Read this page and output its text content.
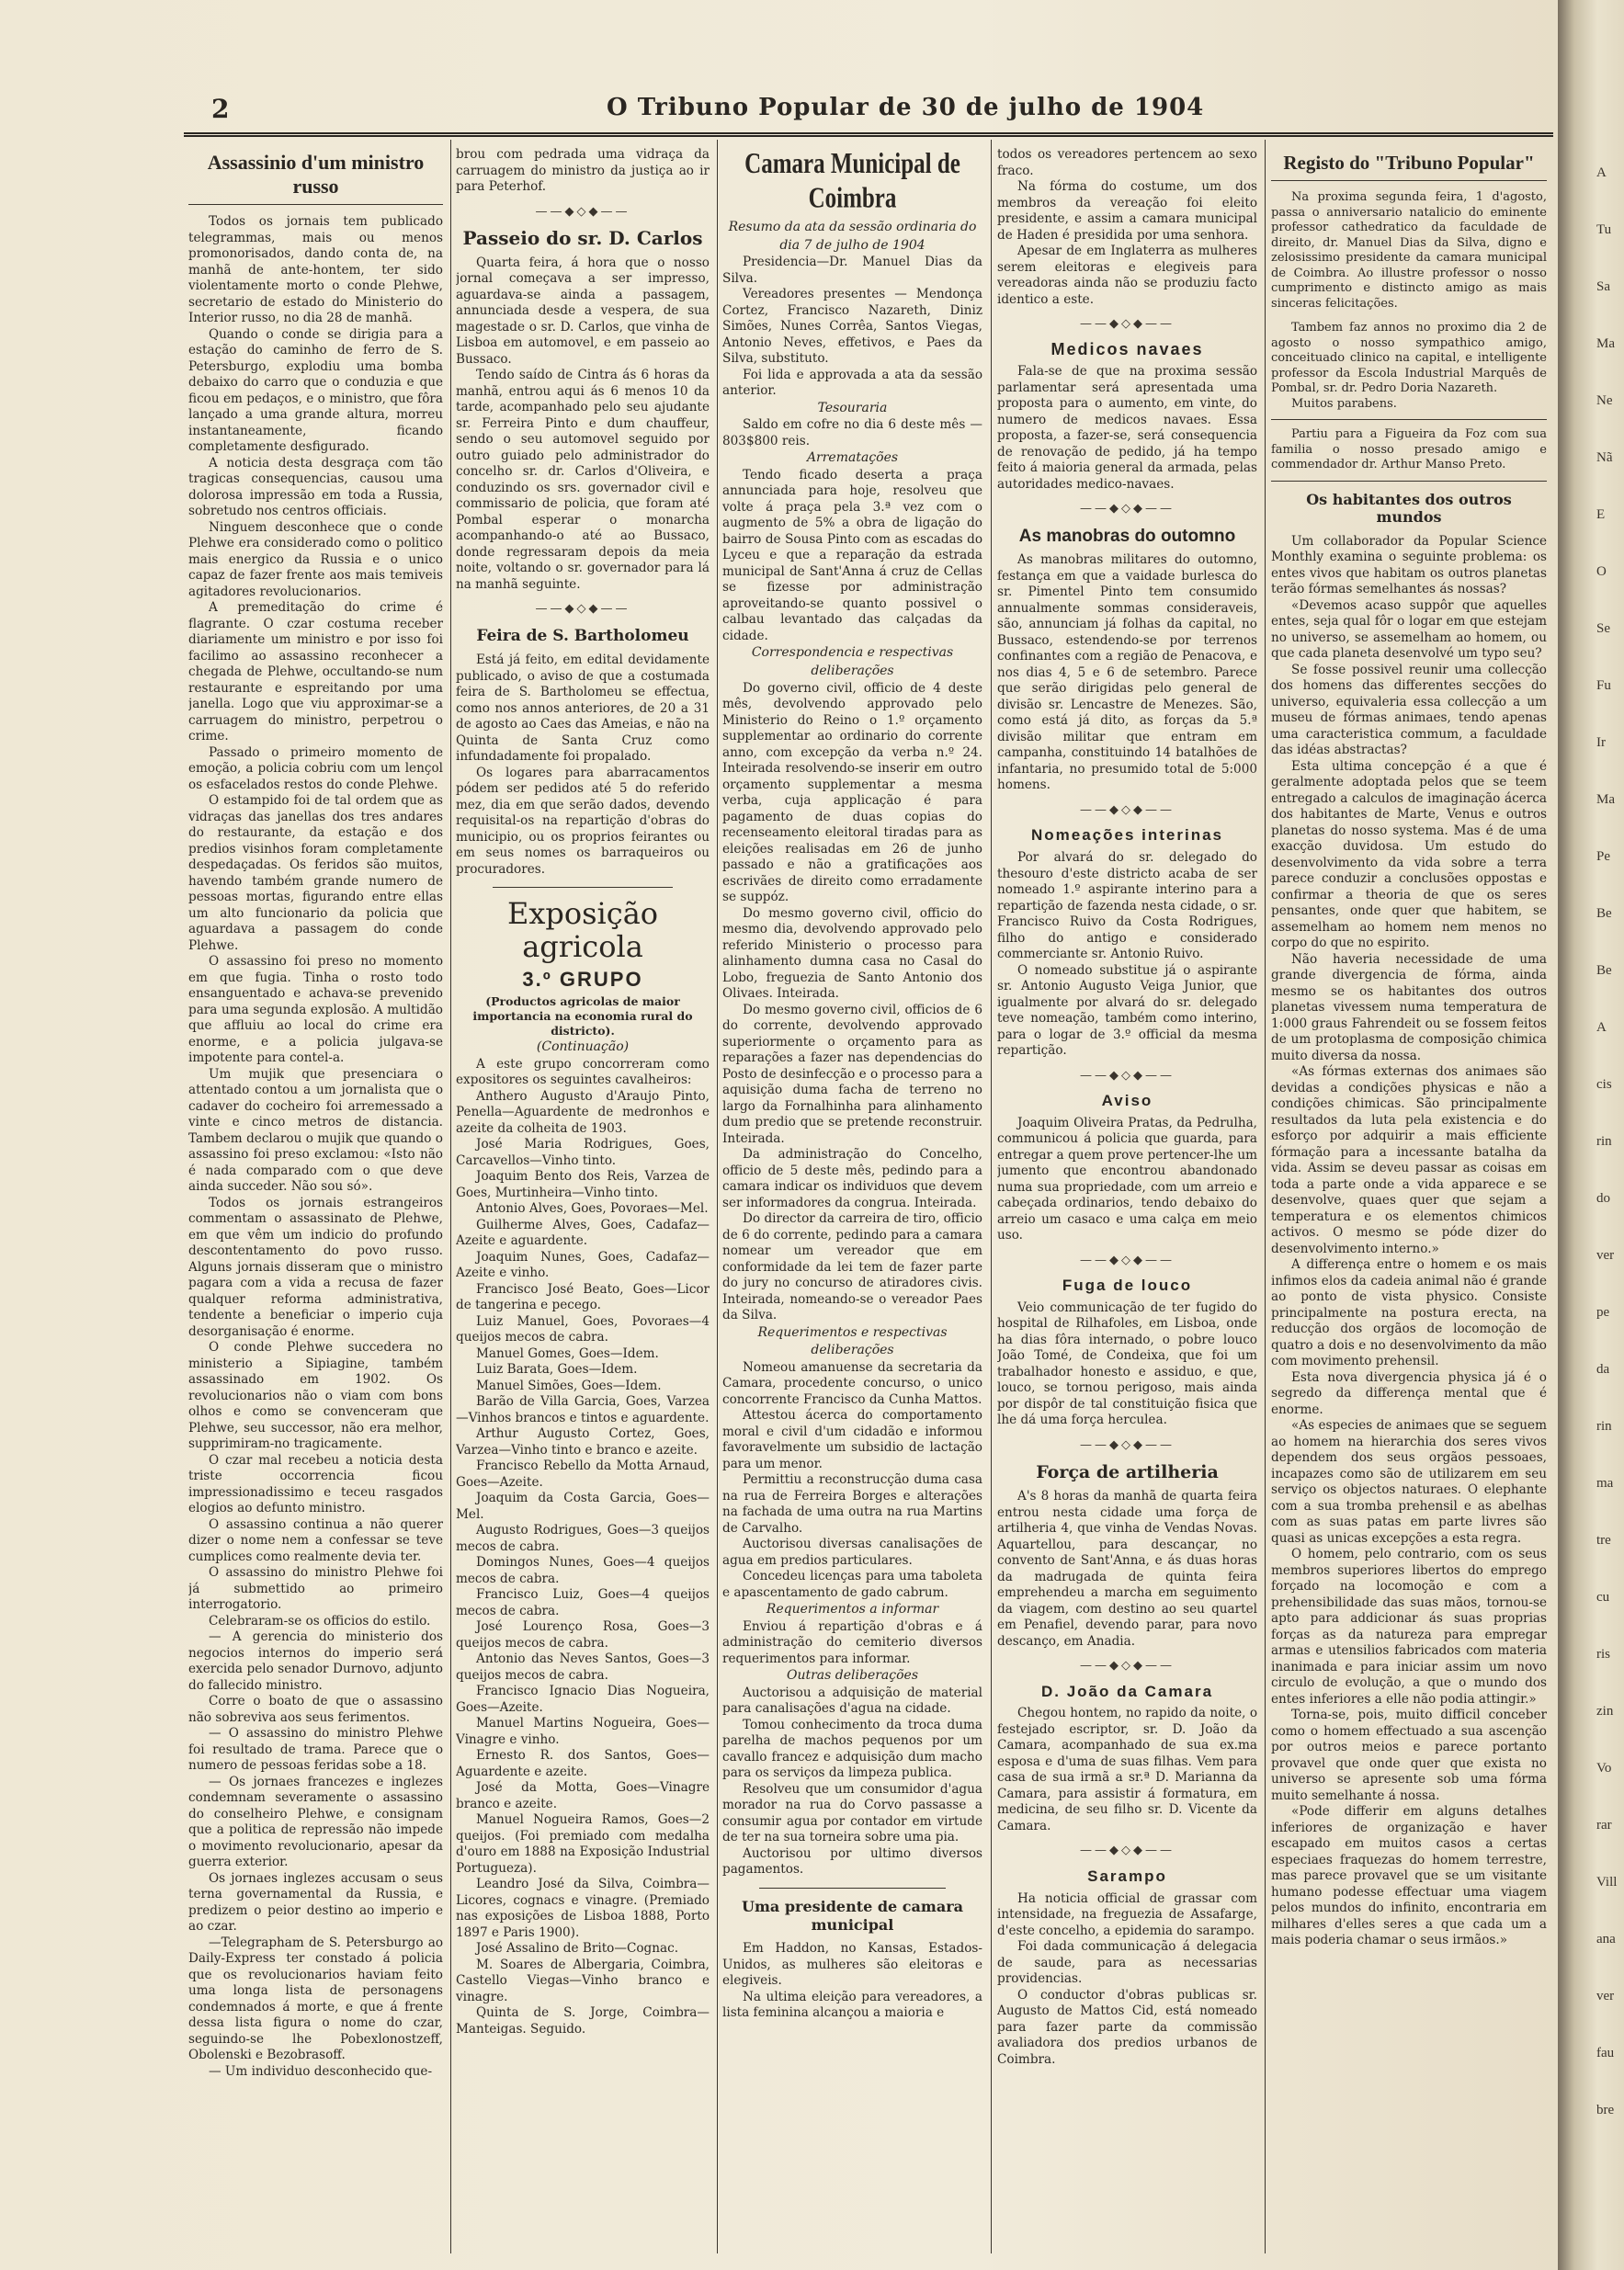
2	O Tribuno Popular de 30 de julho de 1904
Assassinio d'um ministro russo

Todos os jornais tem publicado telegrammas, mais ou menos promonorisados, dando conta de, na manhã de ante-hontem, ter sido violentamente morto o conde Plehwe, secretario de estado do Ministerio do Interior russo, no dia 28 de manhã.

Quando o conde se dirigia para a estação do caminho de ferro de S. Petersburgo, explodiu uma bomba debaixo do carro que o conduzia e que ficou em pedaços, e o ministro, que fôra lançado a uma grande altura, morreu instantaneamente, ficando completamente desfigurado.

A noticia desta desgraça com tão tragicas consequencias, causou uma dolorosa impressão em toda a Russia, sobretudo nos centros officiais.

Ninguem desconhece que o conde Plehwe era considerado como o politico mais energico da Russia e o unico capaz de fazer frente aos mais temiveis agitadores revolucionarios.

A premeditação do crime é flagrante. O czar costuma receber diariamente um ministro e por isso foi facilimo ao assassino reconhecer a chegada de Plehwe, occultando-se num restaurante e espreitando por uma janella. Logo que viu approximar-se a carruagem do ministro, perpetrou o crime.

Passado o primeiro momento de emoção, a policia cobriu com um lençol os esfacelados restos do conde Plehwe.

O estampido foi de tal ordem que as vidraças das janellas dos tres andares do restaurante, da estação e dos predios visinhos foram completamente despedaçadas. Os feridos são muitos, havendo também grande numero de pessoas mortas, figurando entre ellas um alto funcionario da policia que aguardava a passagem do conde Plehwe.

O assassino foi preso no momento em que fugia. Tinha o rosto todo ensanguentado e achava-se prevenido para uma segunda explosão. A multidão que affluiu ao local do crime era enorme, e a policia julgava-se impotente para contel-a.

Um mujik que presenciara o attentado contou a um jornalista que o cadaver do cocheiro foi arremessado a vinte e cinco metros de distancia. Tambem declarou o mujik que quando o assassino foi preso exclamou: «Isto não é nada comparado com o que deve ainda succeder. Não sou só».

Todos os jornais estrangeiros commentam o assassinato de Plehwe, em que vêm um indicio do profundo descontentamento do povo russo. Alguns jornais disseram que o ministro pagara com a vida a recusa de fazer qualquer reforma administrativa, tendente a beneficiar o imperio cuja desorganisação é enorme.

O conde Plehwe succedera no ministerio a Sipiagine, também assassinado em 1902. Os revolucionarios não o viam com bons olhos e como se convenceram que Plehwe, seu successor, não era melhor, supprimiram-no tragicamente.

O czar mal recebeu a noticia desta triste occorrencia ficou impressionadissimo e teceu rasgados elogios ao defunto ministro.

O assassino continua a não querer dizer o nome nem a confessar se teve cumplices como realmente devia ter.

O assassino do ministro Plehwe foi já submettido ao primeiro interrogatorio.

Celebraram-se os officios do estilo.

— A gerencia do ministerio dos negocios internos do imperio será exercida pelo senador Durnovo, adjunto do fallecido ministro.

Corre o boato de que o assassino não sobreviva aos seus ferimentos.

— O assassino do ministro Plehwe foi resultado de trama. Parece que o numero de pessoas feridas sobe a 18.

— Os jornaes francezes e inglezes condemnam severamente o assassino do conselheiro Plehwe, e consignam que a politica de repressão não impede o movimento revolucionario, apesar da guerra exterior.

Os jornaes inglezes accusam o seus terna governamental da Russia, e predizem o peior destino ao imperio e ao czar.

—Telegrapham de S. Petersburgo ao Daily-Express ter constado á policia que os revolucionarios haviam feito uma longa lista de personagens condemnados á morte, e que á frente dessa lista figura o nome do czar, seguindo-se lhe Pobexlonostzeff, Obolenski e Bezobrasoff.

— Um individuo desconhecido que-

brou com pedrada uma vidraça da carruagem do ministro da justiça ao ir para Peterhof.

——◆◇◆——
Passeio do sr. D. Carlos

Quarta feira, á hora que o nosso jornal começava a ser impresso, aguardava-se ainda a passagem, annunciada desde a vespera, de sua magestade o sr. D. Carlos, que vinha de Lisboa em automovel, e em passeio ao Bussaco.

Tendo saído de Cintra ás 6 horas da manhã, entrou aqui ás 6 menos 10 da tarde, acompanhado pelo seu ajudante sr. Ferreira Pinto e dum chauffeur, sendo o seu automovel seguido por outro guiado pelo administrador do concelho sr. dr. Carlos d'Oliveira, e conduzindo os srs. governador civil e commissario de policia, que foram até Pombal esperar o monarcha acompanhando-o até ao Bussaco, donde regressaram depois da meia noite, voltando o sr. governador para lá na manhã seguinte.

——◆◇◆——
Feira de S. Bartholomeu

Está já feito, em edital devidamente publicado, o aviso de que a costumada feira de S. Bartholomeu se effectua, como nos annos anteriores, de 20 a 31 de agosto ao Caes das Ameias, e não na Quinta de Santa Cruz como infundadamente foi propalado.

Os logares para abarracamentos pódem ser pedidos até 5 do referido mez, dia em que serão dados, devendo requisital-os na repartição d'obras do municipio, ou os proprios feirantes ou em seus nomes os barraqueiros ou procuradores.

Exposição agricola
3.º GRUPO

(Productos agricolas de maior importancia na economia rural do districto).

(Continuação)

A este grupo concorreram como expositores os seguintes cavalheiros:

Anthero Augusto d'Araujo Pinto, Penella—Aguardente de medronhos e azeite da colheita de 1903.

José Maria Rodrigues, Goes, Carcavellos—Vinho tinto.

Joaquim Bento dos Reis, Varzea de Goes, Murtinheira—Vinho tinto.

Antonio Alves, Goes, Povoraes—Mel.

Guilherme Alves, Goes, Cadafaz—Azeite e aguardente.

Joaquim Nunes, Goes, Cadafaz—Azeite e vinho.

Francisco José Beato, Goes—Licor de tangerina e pecego.

Luiz Manuel, Goes, Povoraes—4 queijos mecos de cabra.

Manuel Gomes, Goes—Idem.

Luiz Barata, Goes—Idem.

Manuel Simões, Goes—Idem.

Barão de Villa Garcia, Goes, Varzea—Vinhos brancos e tintos e aguardente.

Arthur Augusto Cortez, Goes, Varzea—Vinho tinto e branco e azeite.

Francisco Rebello da Motta Arnaud, Goes—Azeite.

Joaquim da Costa Garcia, Goes—Mel.

Augusto Rodrigues, Goes—3 queijos mecos de cabra.

Domingos Nunes, Goes—4 queijos mecos de cabra.

Francisco Luiz, Goes—4 queijos mecos de cabra.

José Lourenço Rosa, Goes—3 queijos mecos de cabra.

Antonio das Neves Santos, Goes—3 queijos mecos de cabra.

Francisco Ignacio Dias Nogueira, Goes—Azeite.

Manuel Martins Nogueira, Goes—Vinagre e vinho.

Ernesto R. dos Santos, Goes—Aguardente e azeite.

José da Motta, Goes—Vinagre branco e azeite.

Manuel Nogueira Ramos, Goes—2 queijos. (Foi premiado com medalha d'ouro em 1888 na Exposição Industrial Portugueza).

Leandro José da Silva, Coimbra—Licores, cognacs e vinagre. (Premiado nas exposições de Lisboa 1888, Porto 1897 e Paris 1900).

José Assalino de Brito—Cognac.

M. Soares de Albergaria, Coimbra, Castello Viegas—Vinho branco e vinagre.

Quinta de S. Jorge, Coimbra—Manteigas. Seguido.

Camara Municipal de Coimbra

Resumo da ata da sessão ordinaria do dia 7 de julho de 1904

Presidencia—Dr. Manuel Dias da Silva.

Vereadores presentes — Mendonça Cortez, Francisco Nazareth, Diniz Simões, Nunes Corrêa, Santos Viegas, Antonio Neves, effetivos, e Paes da Silva, substituto.

Foi lida e approvada a ata da sessão anterior.

Tesouraria

Saldo em cofre no dia 6 deste mês — 803$800 reis.

Arrematações

Tendo ficado deserta a praça annunciada para hoje, resolveu que volte á praça pela 3.ª vez com o augmento de 5% a obra de ligação do bairro de Sousa Pinto com as escadas do Lyceu e que a reparação da estrada municipal de Sant'Anna á cruz de Cellas se fizesse por administração aproveitando-se quanto possivel o calbau levantado das calçadas da cidade.

Correspondencia e respectivas deliberações

Do governo civil, officio de 4 deste mês, devolvendo approvado pelo Ministerio do Reino o 1.º orçamento supplementar ao ordinario do corrente anno, com excepção da verba n.º 24. Inteirada resolvendo-se inserir em outro orçamento supplementar a mesma verba, cuja applicação é para pagamento de duas copias do recenseamento eleitoral tiradas para as eleições realisadas em 26 de junho passado e não a gratificações aos escrivães de direito como erradamente se suppóz.

Do mesmo governo civil, officio do mesmo dia, devolvendo approvado pelo referido Ministerio o processo para alinhamento dumna casa no Casal do Lobo, freguezia de Santo Antonio dos Olivaes. Inteirada.

Do mesmo governo civil, officios de 6 do corrente, devolvendo approvado superiormente o orçamento para as reparações a fazer nas dependencias do Posto de desinfecção e o processo para a aquisição duma facha de terreno no largo da Fornalhinha para alinhamento dum predio que se pretende reconstruir. Inteirada.

Da administração do Concelho, officio de 5 deste mês, pedindo para a camara indicar os individuos que devem ser informadores da congrua. Inteirada.

Do director da carreira de tiro, officio de 6 do corrente, pedindo para a camara nomear um vereador que em conformidade da lei tem de fazer parte do jury no concurso de atiradores civis. Inteirada, nomeando-se o vereador Paes da Silva.

Requerimentos e respectivas deliberações

Nomeou amanuense da secretaria da Camara, procedente concurso, o unico concorrente Francisco da Cunha Mattos.

Attestou ácerca do comportamento moral e civil d'um cidadão e informou favoravelmente um subsidio de lactação para um menor.

Permittiu a reconstrucção duma casa na rua de Ferreira Borges e alterações na fachada de uma outra na rua Martins de Carvalho.

Auctorisou diversas canalisações de agua em predios particulares.

Concedeu licenças para uma taboleta e apascentamento de gado cabrum.

Requerimentos a informar

Enviou á repartição d'obras e á administração do cemiterio diversos requerimentos para informar.

Outras deliberações

Auctorisou a adquisição de material para canalisações d'agua na cidade.

Tomou conhecimento da troca duma parelha de machos pequenos por um cavallo francez e adquisição dum macho para os serviços da limpeza publica.

Resolveu que um consumidor d'agua morador na rua do Corvo passasse a consumir agua por contador em virtude de ter na sua torneira sobre uma pia.

Auctorisou por ultimo diversos pagamentos.

Uma presidente de camara municipal

Em Haddon, no Kansas, Estados-Unidos, as mulheres são eleitoras e elegiveis.

Na ultima eleição para vereadores, a lista feminina alcançou a maioria e

todos os vereadores pertencem ao sexo fraco.

Na fórma do costume, um dos membros da vereação foi eleito presidente, e assim a camara municipal de Haden é presidida por uma senhora.

Apesar de em Inglaterra as mulheres serem eleitoras e elegiveis para vereadoras ainda não se produziu facto identico a este.

——◆◇◆——
Medicos navaes

Fala-se de que na proxima sessão parlamentar será apresentada uma proposta para o aumento, em vinte, do numero de medicos navaes. Essa proposta, a fazer-se, será consequencia de renovação de pedido, já ha tempo feito á maioria general da armada, pelas autoridades medico-navaes.

——◆◇◆——
As manobras do outomno

As manobras militares do outomno, festança em que a vaidade burlesca do sr. Pimentel Pinto tem consumido annualmente sommas consideraveis, são, annunciam já folhas da capital, no Bussaco, estendendo-se por terrenos confinantes com a região de Penacova, e nos dias 4, 5 e 6 de setembro. Parece que serão dirigidas pelo general de divisão sr. Lencastre de Menezes. São, como está já dito, as forças da 5.ª divisão militar que entram em campanha, constituindo 14 batalhões de infantaria, no presumido total de 5:000 homens.

——◆◇◆——
Nomeações interinas

Por alvará do sr. delegado do thesouro d'este districto acaba de ser nomeado 1.º aspirante interino para a repartição de fazenda nesta cidade, o sr. Francisco Ruivo da Costa Rodrigues, filho do antigo e considerado commerciante sr. Antonio Ruivo.

O nomeado substitue já o aspirante sr. Antonio Augusto Veiga Junior, que igualmente por alvará do sr. delegado teve nomeação, também como interino, para o logar de 3.º official da mesma repartição.

——◆◇◆——
Aviso

Joaquim Oliveira Pratas, da Pedrulha, communicou á policia que guarda, para entregar a quem prove pertencer-lhe um jumento que encontrou abandonado numa sua propriedade, com um arreio e cabeçada ordinarios, tendo debaixo do arreio um casaco e uma calça em meio uso.

——◆◇◆——
Fuga de louco

Veio communicação de ter fugido do hospital de Rilhafoles, em Lisboa, onde ha dias fôra internado, o pobre louco João Tomé, de Condeixa, que foi um trabalhador honesto e assiduo, e que, louco, se tornou perigoso, mais ainda por dispôr de tal constituição fisica que lhe dá uma força herculea.

——◆◇◆——
Força de artilheria

A's 8 horas da manhã de quarta feira entrou nesta cidade uma força de artilheria 4, que vinha de Vendas Novas. Aquartellou, para descançar, no convento de Sant'Anna, e ás duas horas da madrugada de quinta feira emprehendeu a marcha em seguimento da viagem, com destino ao seu quartel em Penafiel, devendo parar, para novo descanço, em Anadia.

——◆◇◆——
D. João da Camara

Chegou hontem, no rapido da noite, o festejado escriptor, sr. D. João da Camara, acompanhado de sua ex.ma esposa e d'uma de suas filhas. Vem para casa de sua irmã a sr.ª D. Marianna da Camara, para assistir á formatura, em medicina, de seu filho sr. D. Vicente da Camara.

——◆◇◆——
Sarampo

Ha noticia official de grassar com intensidade, na freguezia de Assafarge, d'este concelho, a epidemia do sarampo.

Foi dada communicação á delegacia de saude, para as necessarias providencias.

O conductor d'obras publicas sr. Augusto de Mattos Cid, está nomeado para fazer parte da commissão avaliadora dos predios urbanos de Coimbra.

Registo do "Tribuno Popular"

Na proxima segunda feira, 1 d'agosto, passa o anniversario natalicio do eminente professor cathedratico da faculdade de direito, dr. Manuel Dias da Silva, digno e zelosissimo presidente da camara municipal de Coimbra. Ao illustre professor o nosso cumprimento e distincto amigo as mais sinceras felicitações.

Tambem faz annos no proximo dia 2 de agosto o nosso sympathico amigo, conceituado clinico na capital, e intelligente professor da Escola Industrial Marquês de Pombal, sr. dr. Pedro Doria Nazareth.

Muitos parabens.

Partiu para a Figueira da Foz com sua familia o nosso presado amigo e commendador dr. Arthur Manso Preto.

Os habitantes dos outros mundos

Um collaborador da Popular Science Monthly examina o seguinte problema: os entes vivos que habitam os outros planetas terão fórmas semelhantes ás nossas?

«Devemos acaso suppôr que aquelles entes, seja qual fôr o logar em que estejam no universo, se assemelham ao homem, ou que cada planeta desenvolvé um typo seu?

Se fosse possivel reunir uma collecção dos homens das differentes secções do universo, equivaleria essa collecção a um museu de fórmas animaes, tendo apenas uma caracteristica commum, a faculdade das idéas abstractas?

Esta ultima concepção é a que é geralmente adoptada pelos que se teem entregado a calculos de imaginação ácerca dos habitantes de Marte, Venus e outros planetas do nosso systema. Mas é de uma exacção duvidosa. Um estudo do desenvolvimento da vida sobre a terra parece conduzir a conclusões oppostas e confirmar a theoria de que os seres pensantes, onde quer que habitem, se assemelham ao homem nem menos no corpo do que no espirito.

Não haveria necessidade de uma grande divergencia de fórma, ainda mesmo se os habitantes dos outros planetas vivessem numa temperatura de 1:000 graus Fahrendeit ou se fossem feitos de um protoplasma de composição chimica muito diversa da nossa.

«As fórmas externas dos animaes são devidas a condições physicas e não a condições chimicas. São principalmente resultados da luta pela existencia e do esforço por adquirir a mais efficiente fórmação para a incessante batalha da vida. Assim se deveu passar as coisas em toda a parte onde a vida apparece e se desenvolve, quaes quer que sejam a temperatura e os elementos chimicos activos. O mesmo se póde dizer do desenvolvimento interno.»

A differença entre o homem e os mais infimos elos da cadeia animal não é grande ao ponto de vista physico. Consiste principalmente na postura erecta, na reducção dos orgãos de locomoção de quatro a dois e no desenvolvimento da mão com movimento prehensil.

Esta nova divergencia physica já é o segredo da differença mental que é enorme.

«As especies de animaes que se seguem ao homem na hierarchia dos seres vivos dependem dos seus orgãos pessoaes, incapazes como são de utilizarem em seu serviço os objectos naturaes. O elephante com a sua tromba prehensil e as abelhas com as suas patas em parte livres são quasi as unicas excepções a esta regra.

O homem, pelo contrario, com os seus membros superiores libertos do emprego forçado na locomoção e com a prehensibilidade das suas mãos, tornou-se apto para addicionar ás suas proprias forças as da natureza para empregar armas e utensilios fabricados com materia inanimada e para iniciar assim um novo circulo de evolução, a que o mundo dos entes inferiores a elle não podia attingir.»

Torna-se, pois, muito difficil conceber como o homem effectuado a sua ascenção por outros meios e parece portanto provavel que onde quer que exista no universo se apresente sob uma fórma muito semelhante á nossa.

«Pode differir em alguns detalhes inferiores de organização e haver escapado em muitos casos a certas especiaes fraquezas do homem terrestre, mas parece provavel que se um visitante humano podesse effectuar uma viagem pelos mundos do infinito, encontraria em milhares d'elles seres a que cada um a mais poderia chamar o seus irmãos.»

A
Tu
Sa
Ma
Ne
Nã
E
O
Se
Fu
Ir
Ma
Pe
Be
Be
A
cis
rin
do
ver
pe
da
rin
ma
tre
cu
ris
zin
Vo
rar
Vill
ana
ver
fau
bre
